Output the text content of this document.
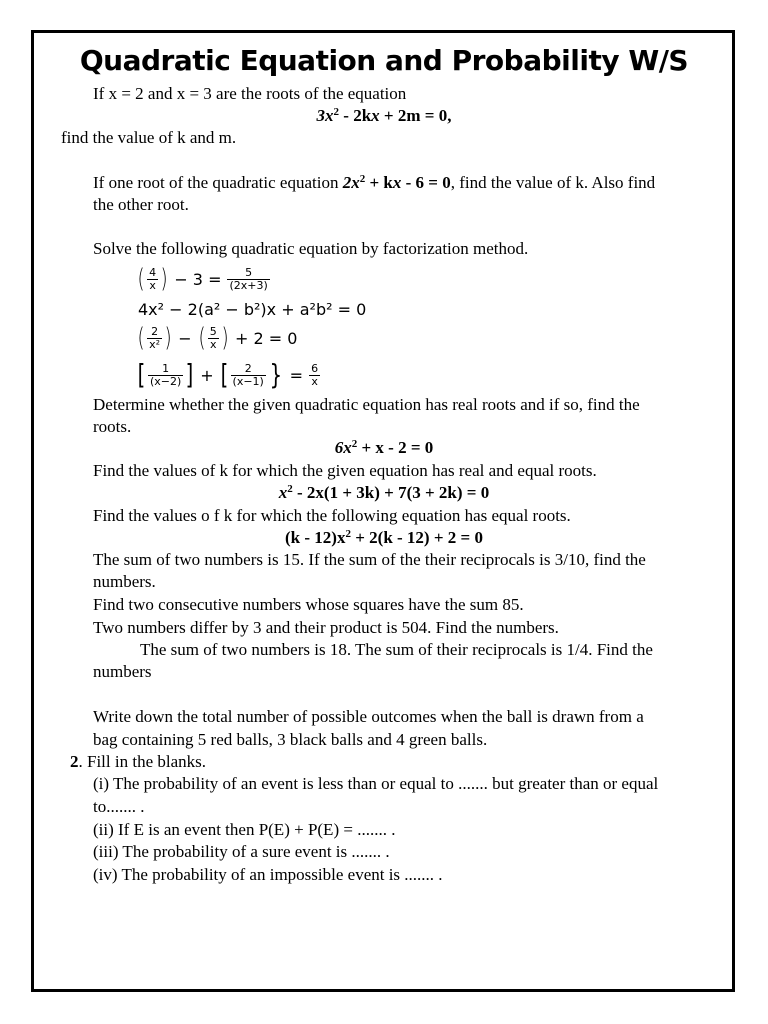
Quadratic Equation and Probability W/S
If x = 2 and x = 3 are the roots of the equation
$3x^2 - 2kx + 2m = 0$,
find the value of k and m.
If one root of the quadratic equation $2x^2$ + kx - 6 = 0, find the value of k. Also find
the other root.
Solve the following quadratic equation by factorization method.
( $\frac{4}{x}$ ) − $3 = \frac{5}{(2x+3)}$
4x² − 2(a² − b²)x + a²b² = 0
( $\frac{2}{\text{x²}}$ ) − ( $\frac{5}{x}$ ) + 2 = 0
[ $\frac{1}{(x-2)}$ ] + [ $\frac{2}{(x-1)}$ } = $\frac{6}{x}$
Determine whether the given quadratic equation has real roots and if so, find the
roots.
$6x^2 + x - 2 = 0$
Find the values of k for which the given equation has real and equal roots.
$x^2 - 2x(1 + 3k) + 7(3 + 2k) = 0$
Find the values o f k for which the following equation has equal roots.
$(k - 12)x^2 + 2(k - 12) + 2 = 0$
The sum of two numbers is 15. If the sum of the their reciprocals is 3/10, find the
numbers.
Find two consecutive numbers whose squares have the sum 85.
Two numbers differ by 3 and their product is 504. Find the numbers.
The sum of two numbers is 18. The sum of their reciprocals is 1/4. Find the
numbers
Write down the total number of possible outcomes when the ball is drawn from a
bag containing 5 red balls, 3 black balls and 4 green balls.
2. Fill in the blanks.
(i) The probability of an event is less than or equal to ....... but greater than or equal
to....... .
(ii) If E is an event then P(E) + P(E) = ....... .
(iii) The probability of a sure event is ....... .
(iv) The probability of an impossible event is ....... .
